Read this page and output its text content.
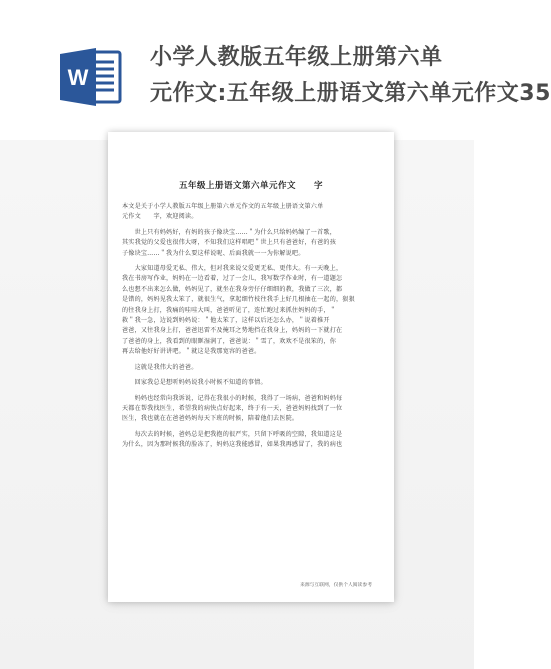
W
小学人教版五年级上册第六单
元作文:五年级上册语文第六单元作文35
五年级上册语文第六单元作文　　字

本文是关于小学人教版五年级上册第六单元作文的五年级上册语文第六单

元作文　　字，欢迎阅读。

　　世上只有妈妈好，有妈的孩子像块宝……＂为什么只给妈妈编了一首歌，

其实我觉的父爱也很伟大呀，不知我们这样唱吧＂世上只有爸爸好，有爸的孩

子像块宝……＂我为什么要这样说呢、后面我就一一为你解说吧。

　　大家知道母爱无私、伟大，但对我来说父爱更无私、更伟大。有一天晚上，

我在书房写作业，妈妈在一边看着，过了一会儿，我写数学作业时，有一道题怎

么也想不出来怎么做，妈妈见了，就坐在我身旁仔仔细细的教，我做了三次，都

是错的，妈妈见我太笨了，就很生气，拿起细竹枝往我手上好几根抽在一起的，狠狠

的往我身上打，我痛的哇哇大叫，爸爸听见了，连忙跑过来抓住妈妈的手，＂

救＂我一急，边说到妈妈说：＂他太笨了，这样以后还怎么办，＂说着推开

爸爸，又往我身上打，爸爸迅雷不及掩耳之势地挡在我身上，妈妈的一下就打在

了爸爸的身上，我看到的眼眶湿润了，爸爸说：＂雪了，欢欢不是很笨的，你

再去给他好好讲讲吧。＂就这是我那宽容的爸爸。

　　这就是我伟大的爸爸。

　　回家我总是想听妈妈说我小时候不知道的事情。

　　妈妈也经常向我诉说，记得在我很小的时候，我得了一场病，爸爸和妈妈每

天都在帮我找医生，希望我的病快点好起来，终于有一天，爸爸妈妈找到了一位

医生，我也就在在爸爸妈妈每天下班的时候，陪着他们去医院。

　　每次去的时候，爸妈总是把我抱的很严实，只留下呼吸的空隙，我知道这是

为什么，因为那时候我的脸冻了，妈妈这我能感冒，如果我再感冒了，我的病也

来源与互联网，仅供个人阅读参考
